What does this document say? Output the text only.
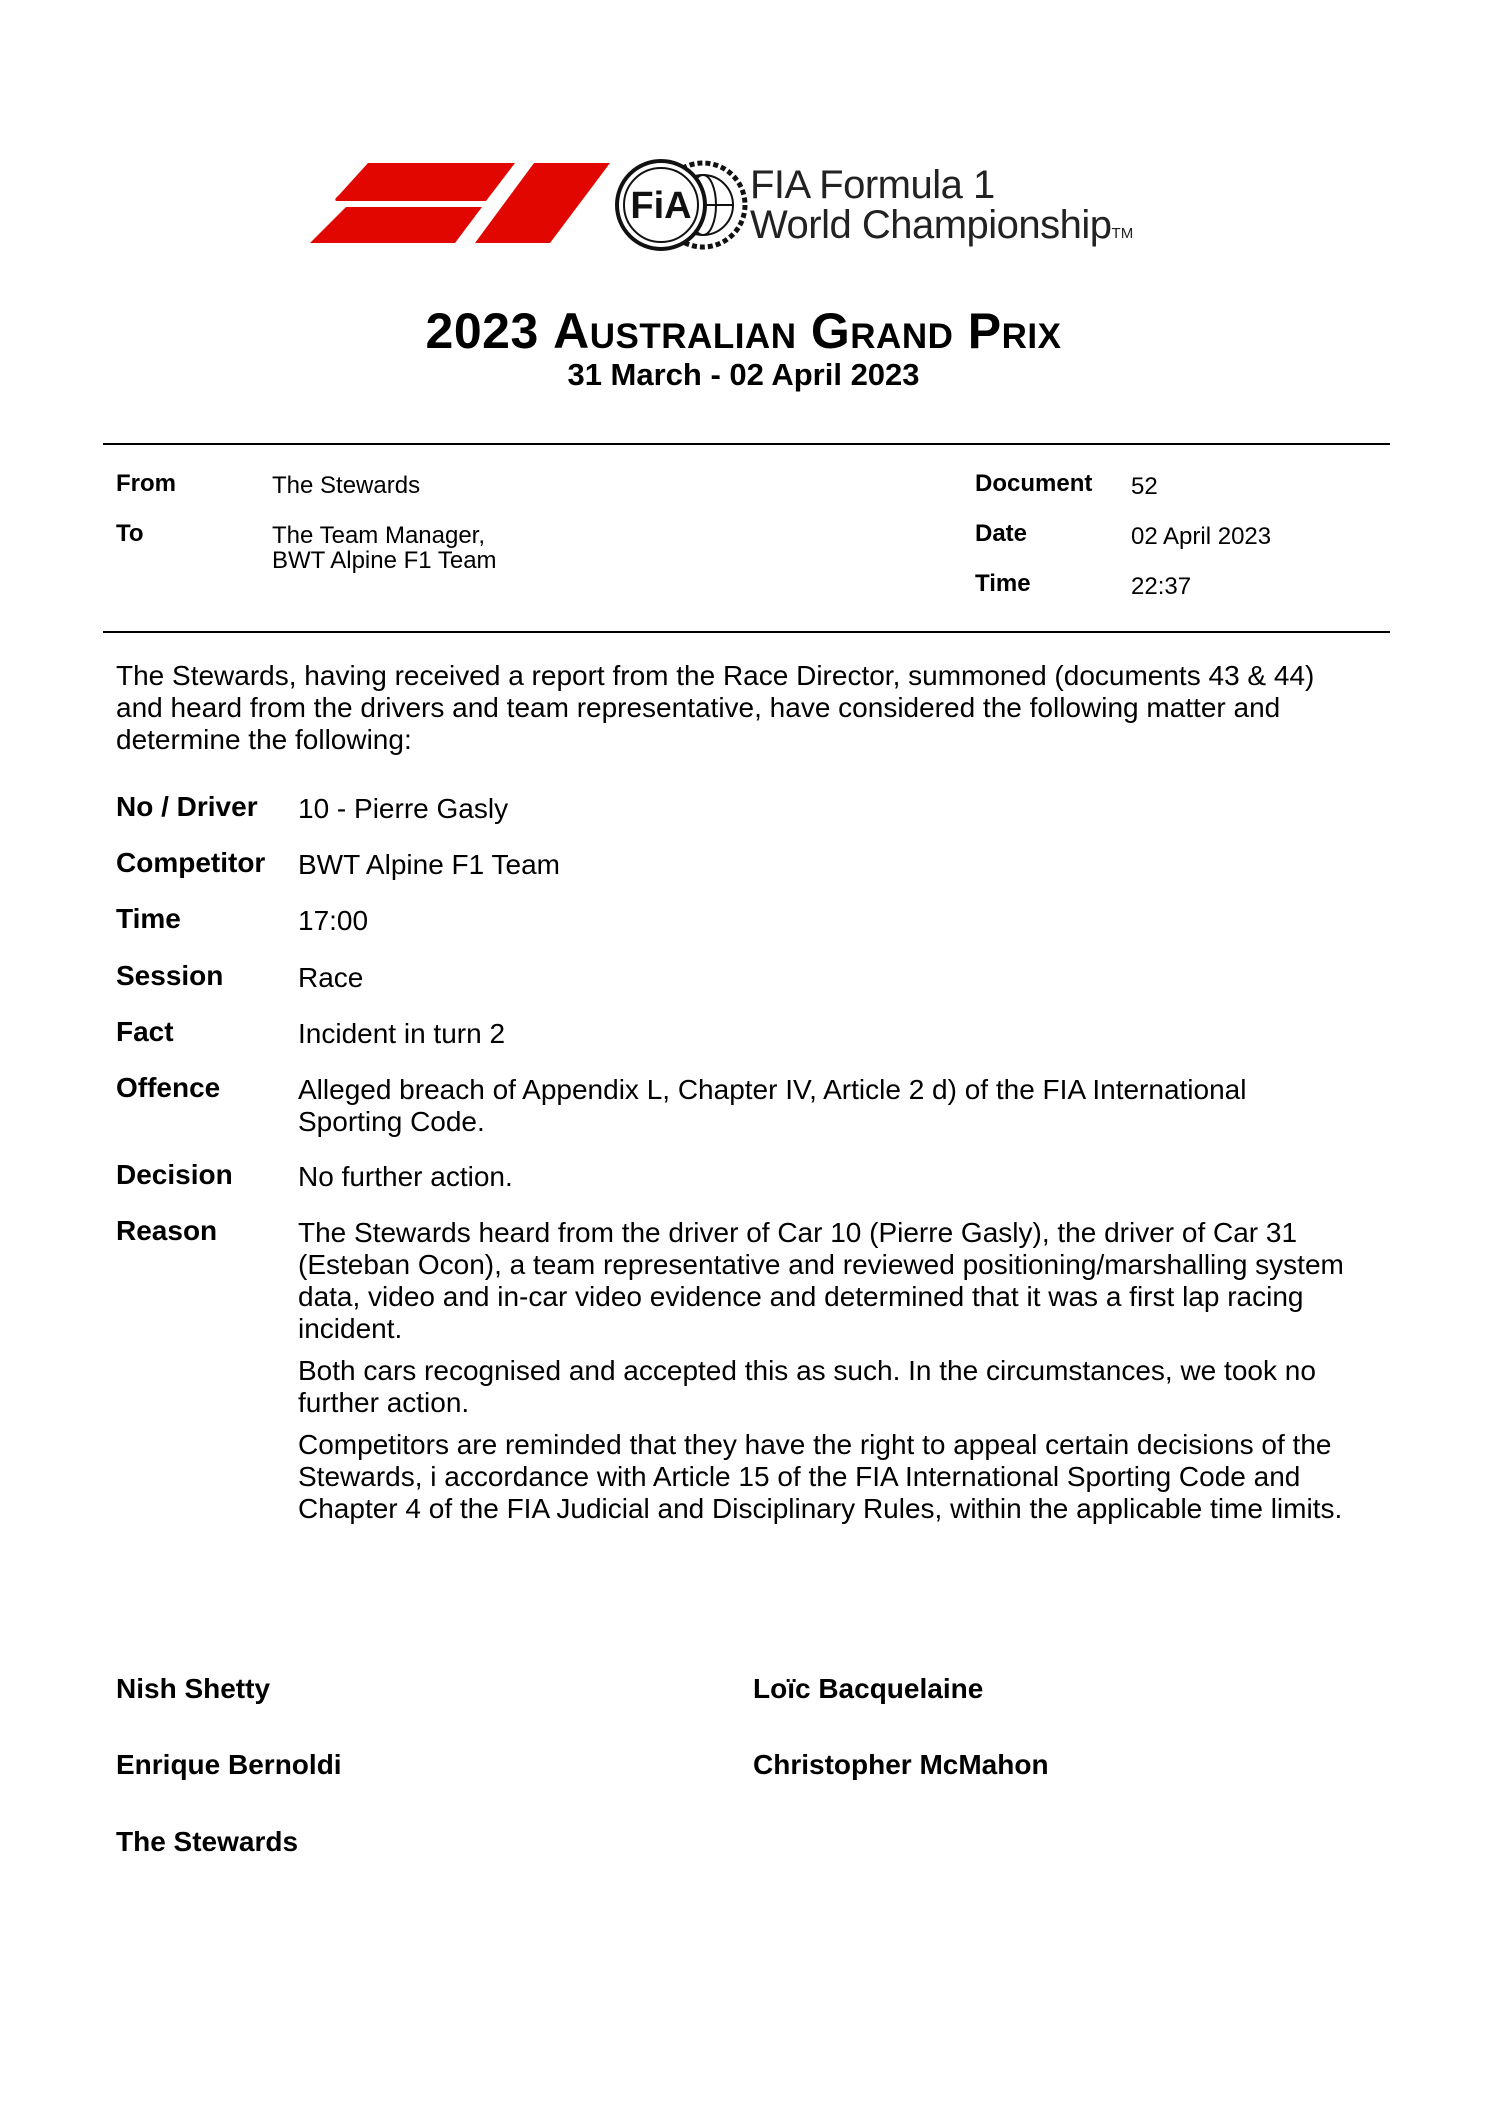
FiA FIA Formula 1
World ChampionshipTM
2023 Australian Grand Prix
31 March - 02 April 2023
From	The Stewards
To	The Team Manager,
BWT Alpine F1 Team
Document 52
Date	02 April 2023
Time	22:37
The Stewards, having received a report from the Race Director, summoned (documents 43 & 44) and heard from the drivers and team representative, have considered the following matter and determine the following:
No / Driver 10 - Pierre Gasly
Competitor BWT Alpine F1 Team
Time	17:00
Session	Race
Fact	Incident in turn 2
Offence	Alleged breach of Appendix L, Chapter IV, Article 2 d) of the FIA International Sporting Code.
Decision No further action.
Reason	The Stewards heard from the driver of Car 10 (Pierre Gasly), the driver of Car 31 (Esteban Ocon), a team representative and reviewed positioning/marshalling system data, video and in-car video evidence and determined that it was a first lap racing incident.

Both cars recognised and accepted this as such. In the circumstances, we took no further action.

Competitors are reminded that they have the right to appeal certain decisions of the Stewards, i accordance with Article 15 of the FIA International Sporting Code and Chapter 4 of the FIA Judicial and Disciplinary Rules, within the applicable time limits.

Nish Shetty	Loïc Bacquelaine
Enrique Bernoldi	Christopher McMahon
The Stewards
